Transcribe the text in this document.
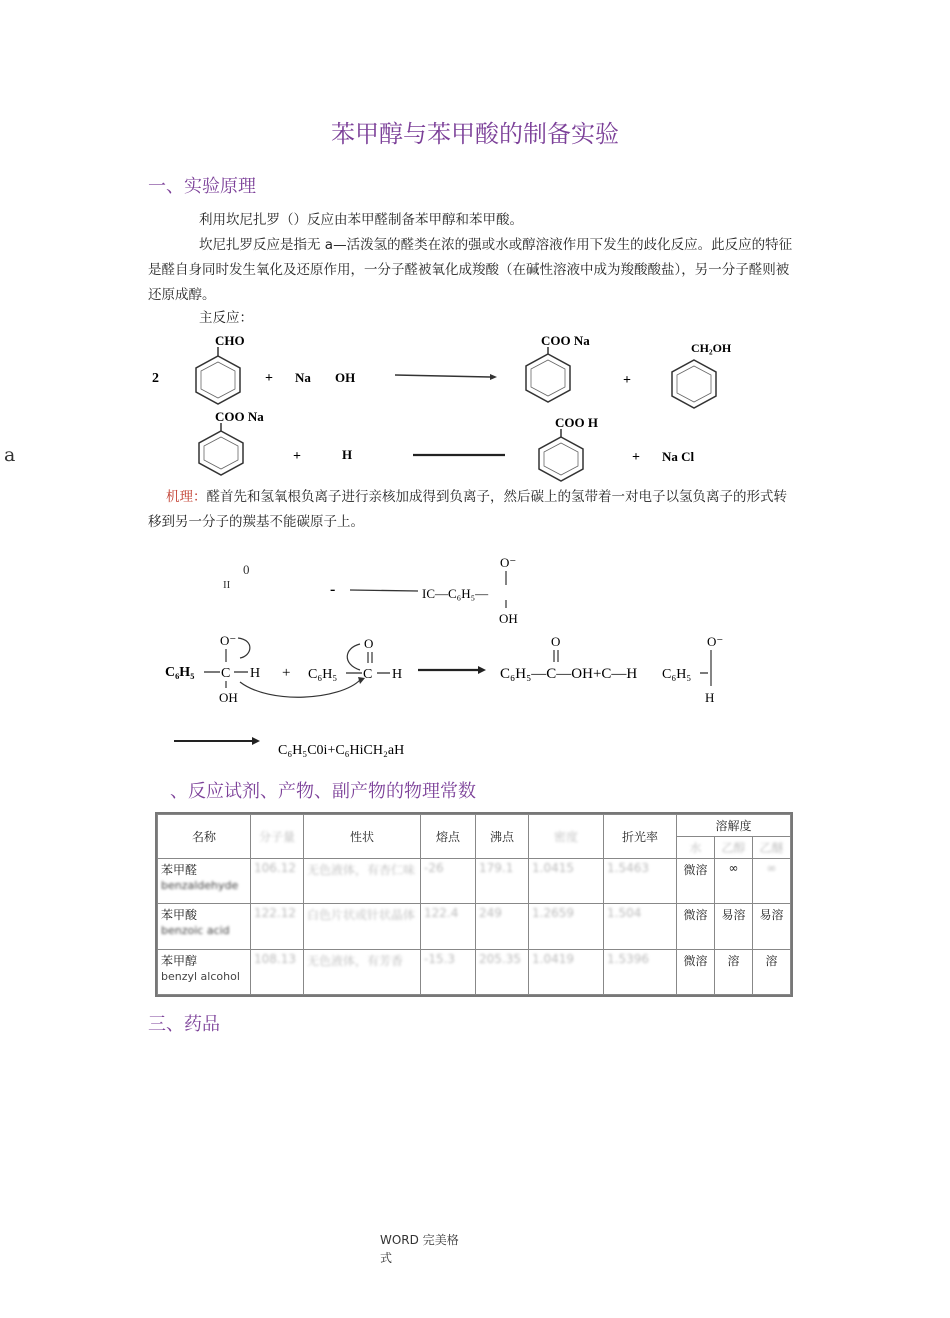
苯甲醇与苯甲酸的制备实验
一、实验原理
利用坎尼扎罗（）反应由苯甲醛制备苯甲醇和苯甲酸。
坎尼扎罗反应是指无 a—活泼氢的醛类在浓的强或水或醇溶液作用下发生的歧化反应。此反应的特征是醛自身同时发生氧化及还原作用，一分子醛被氧化成羧酸（在碱性溶液中成为羧酸酸盐），另一分子醛则被还原成醇。
主反应：
a
2
CHO
+ Na OH
COO Na
+
CH₂OH
COO Na
+	H
COO H
+ Na Cl
机理：醛首先和氢氧根负离子进行亲核加成得到负离子，然后碳上的氢带着一对电子以氢负离子的形式转移到另一分子的羰基不能碳原子上。
0
II	-	IC—C₆H₅—
O⁻
OH
C₆H₅
O⁻
C H
OH
+ C₆H₅
O
C H
O
C₆H₅—C—OH+C—H C₆H₅
O⁻
H
C₆H₅C0i+C₆HiCH₂aH
、反应试剂、产物、副产物的物理常数
名称	分子量	性状	熔点	沸点	密度	折光率	溶解度		
							水	乙醇	乙醚
苯甲醛
benzaldehyde	106.12	无色液体，有杏仁味	-26	179.1	1.0415	1.5463	微溶	∞	∞
苯甲酸
benzoic acid	122.12	白色片状或针状晶体	122.4	249	1.2659	1.504	微溶	易溶	易溶
苯甲醇
benzyl alcohol	108.13	无色液体，有芳香	-15.3	205.35	1.0419	1.5396	微溶	溶	溶
三、药品
WORD 完美格
式
